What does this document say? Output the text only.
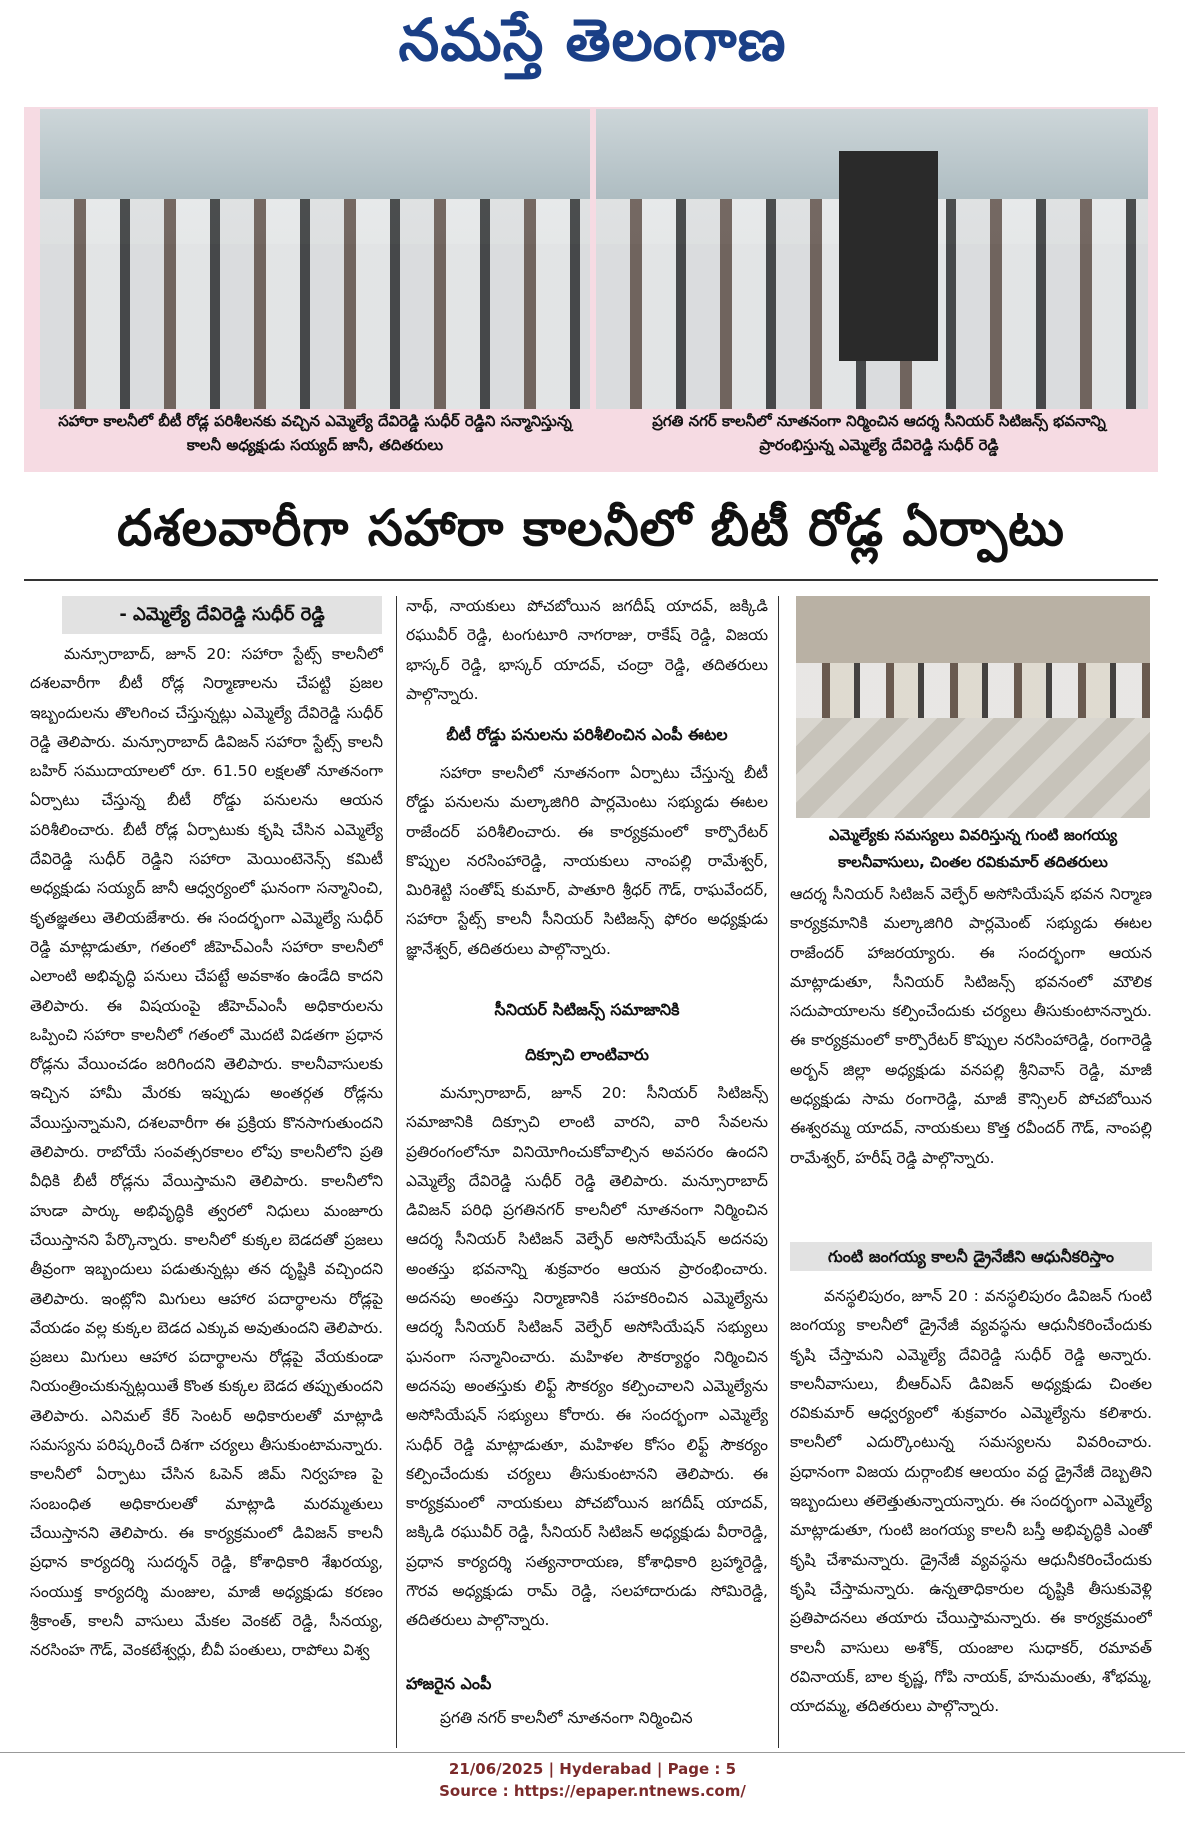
నమస్తే తెలంగాణ
సహారా కాలనీలో బీటీ రోడ్ల పరిశీలనకు వచ్చిన ఎమ్మెల్యే దేవిరెడ్డి సుధీర్ రెడ్డిని సన్మానిస్తున్న కాలనీ అధ్యక్షుడు సయ్యద్ జానీ, తదితరులు
ప్రగతి నగర్ కాలనీలో నూతనంగా నిర్మించిన ఆదర్శ సీనియర్ సిటిజన్స్ భవనాన్ని ప్రారంభిస్తున్న ఎమ్మెల్యే దేవిరెడ్డి సుధీర్ రెడ్డి
దశలవారీగా సహారా కాలనీలో బీటీ రోడ్ల ఏర్పాటు
- ఎమ్మెల్యే దేవిరెడ్డి సుధీర్ రెడ్డి

మన్సూరాబాద్, జూన్ 20: సహారా స్టేట్స్ కాలనీలో దశలవారీగా బీటీ రోడ్ల నిర్మాణాలను చేపట్టి ప్రజల ఇబ్బందులను తొలగించ చేస్తున్నట్లు ఎమ్మెల్యే దేవిరెడ్డి సుధీర్ రెడ్డి తెలిపారు. మన్సూరాబాద్ డివిజన్ సహారా స్టేట్స్ కాలనీ బహిర్ సముదాయాలలో రూ. 61.50 లక్షలతో నూతనంగా ఏర్పాటు చేస్తున్న బీటీ రోడ్డు పనులను ఆయన పరిశీలించారు. బీటీ రోడ్ల ఏర్పాటుకు కృషి చేసిన ఎమ్మెల్యే దేవిరెడ్డి సుధీర్ రెడ్డిని సహారా మెయింటెనెన్స్ కమిటీ అధ్యక్షుడు సయ్యద్ జానీ ఆధ్వర్యంలో ఘనంగా సన్మానించి, కృతజ్ఞతలు తెలియజేశారు. ఈ సందర్భంగా ఎమ్మెల్యే సుధీర్ రెడ్డి మాట్లాడుతూ, గతంలో జీహెచ్ఎంసీ సహారా కాలనీలో ఎలాంటి అభివృద్ధి పనులు చేపట్టే అవకాశం ఉండేది కాదని తెలిపారు. ఈ విషయంపై జీహెచ్ఎంసీ అధికారులను ఒప్పించి సహారా కాలనీలో గతంలో మొదటి విడతగా ప్రధాన రోడ్లను వేయించడం జరిగిందని తెలిపారు. కాలనీవాసులకు ఇచ్చిన హామీ మేరకు ఇప్పుడు అంతర్గత రోడ్లను వేయిస్తున్నామని, దశలవారీగా ఈ ప్రక్రియ కొనసాగుతుందని తెలిపారు. రాబోయే సంవత్సరకాలం లోపు కాలనీలోని ప్రతి వీధికి బీటీ రోడ్లను వేయిస్తామని తెలిపారు. కాలనీలోని హుడా పార్కు అభివృద్ధికి త్వరలో నిధులు మంజూరు చేయిస్తానని పేర్కొన్నారు. కాలనీలో కుక్కల బెడదతో ప్రజలు తీవ్రంగా ఇబ్బందులు పడుతున్నట్లు తన దృష్టికి వచ్చిందని తెలిపారు. ఇంట్లోని మిగులు ఆహార పదార్థాలను రోడ్లపై వేయడం వల్ల కుక్కల బెడద ఎక్కువ అవుతుందని తెలిపారు. ప్రజలు మిగులు ఆహార పదార్థాలను రోడ్లపై వేయకుండా నియంత్రించుకున్నట్లయితే కొంత కుక్కల బెడద తప్పుతుందని తెలిపారు. ఎనిమల్ కేర్ సెంటర్ అధికారులతో మాట్లాడి సమస్యను పరిష్కరించే దిశగా చర్యలు తీసుకుంటామన్నారు. కాలనీలో ఏర్పాటు చేసిన ఓపెన్ జిమ్ నిర్వహణ పై సంబంధిత అధికారులతో మాట్లాడి మరమ్మతులు చేయిస్తానని తెలిపారు. ఈ కార్యక్రమంలో డివిజన్ కాలనీ ప్రధాన కార్యదర్శి సుదర్శన్ రెడ్డి, కోశాధికారి శేఖరయ్య, సంయుక్త కార్యదర్శి మంజుల, మాజీ అధ్యక్షుడు కరణం శ్రీకాంత్, కాలనీ వాసులు మేకల వెంకట్ రెడ్డి, సీనయ్య, నరసింహ గౌడ్, వెంకటేశ్వర్లు, బీవీ పంతులు, రాపోలు విశ్వ

నాథ్, నాయకులు పోచబోయిన జగదీష్ యాదవ్, జక్కిడి రఘువీర్ రెడ్డి, టంగుటూరి నాగరాజు, రాకేష్ రెడ్డి, విజయ భాస్కర్ రెడ్డి, భాస్కర్ యాదవ్, చంద్రా రెడ్డి, తదితరులు పాల్గొన్నారు.

బీటీ రోడ్డు పనులను పరిశీలించిన ఎంపీ ఈటల

సహారా కాలనీలో నూతనంగా ఏర్పాటు చేస్తున్న బీటీ రోడ్డు పనులను మల్కాజిగిరి పార్లమెంటు సభ్యుడు ఈటల రాజేందర్ పరిశీలించారు. ఈ కార్యక్రమంలో కార్పొరేటర్ కొప్పుల నరసింహారెడ్డి, నాయకులు నాంపల్లి రామేశ్వర్, మిరిశెట్టి సంతోష్ కుమార్, పాతూరి శ్రీధర్ గౌడ్, రాఘవేందర్, సహారా స్టేట్స్ కాలనీ సీనియర్ సిటిజన్స్ ఫోరం అధ్యక్షుడు జ్ఞానేశ్వర్, తదితరులు పాల్గొన్నారు.

సీనియర్ సిటిజన్స్ సమాజానికి
దిక్సూచి లాంటివారు

మన్సూరాబాద్, జూన్ 20: సీనియర్ సిటిజన్స్ సమాజానికి దిక్సూచి లాంటి వారని, వారి సేవలను ప్రతిరంగంలోనూ వినియోగించుకోవాల్సిన అవసరం ఉందని ఎమ్మెల్యే దేవిరెడ్డి సుధీర్ రెడ్డి తెలిపారు. మన్సూరాబాద్ డివిజన్ పరిధి ప్రగతినగర్ కాలనీలో నూతనంగా నిర్మించిన ఆదర్శ సీనియర్ సిటిజన్ వెల్ఫేర్ అసోసియేషన్ అదనపు అంతస్తు భవనాన్ని శుక్రవారం ఆయన ప్రారంభించారు. అదనపు అంతస్తు నిర్మాణానికి సహకరించిన ఎమ్మెల్యేను ఆదర్శ సీనియర్ సిటిజన్ వెల్ఫేర్ అసోసియేషన్ సభ్యులు ఘనంగా సన్మానించారు. మహిళల సౌకర్యార్థం నిర్మించిన అదనపు అంతస్తుకు లిఫ్ట్ సౌకర్యం కల్పించాలని ఎమ్మెల్యేను అసోసియేషన్ సభ్యులు కోరారు. ఈ సందర్భంగా ఎమ్మెల్యే సుధీర్ రెడ్డి మాట్లాడుతూ, మహిళల కోసం లిఫ్ట్ సౌకర్యం కల్పించేందుకు చర్యలు తీసుకుంటానని తెలిపారు. ఈ కార్యక్రమంలో నాయకులు పోచబోయిన జగదీష్ యాదవ్, జక్కిడి రఘువీర్ రెడ్డి, సీనియర్ సిటిజన్ అధ్యక్షుడు వీరారెడ్డి, ప్రధాన కార్యదర్శి సత్యనారాయణ, కోశాధికారి బ్రహ్మారెడ్డి, గౌరవ అధ్యక్షుడు రామ్ రెడ్డి, సలహాదారుడు సోమిరెడ్డి, తదితరులు పాల్గొన్నారు.

హాజరైన ఎంపీ

ప్రగతి నగర్ కాలనీలో నూతనంగా నిర్మించిన

ఎమ్మెల్యేకు సమస్యలు వివరిస్తున్న గుంటి జంగయ్య కాలనీవాసులు, చింతల రవికుమార్ తదితరులు

ఆదర్శ సీనియర్ సిటిజన్ వెల్ఫేర్ అసోసియేషన్ భవన నిర్మాణ కార్యక్రమానికి మల్కాజిగిరి పార్లమెంట్ సభ్యుడు ఈటల రాజేందర్ హాజరయ్యారు. ఈ సందర్భంగా ఆయన మాట్లాడుతూ, సీనియర్ సిటిజన్స్ భవనంలో మౌలిక సదుపాయాలను కల్పించేందుకు చర్యలు తీసుకుంటానన్నారు. ఈ కార్యక్రమంలో కార్పొరేటర్ కొప్పుల నరసింహారెడ్డి, రంగారెడ్డి అర్బన్ జిల్లా అధ్యక్షుడు వనపల్లి శ్రీనివాస్ రెడ్డి, మాజీ అధ్యక్షుడు సామ రంగారెడ్డి, మాజీ కౌన్సిలర్ పోచబోయిన ఈశ్వరమ్మ యాదవ్, నాయకులు కొత్త రవీందర్ గౌడ్, నాంపల్లి రామేశ్వర్, హరీష్ రెడ్డి పాల్గొన్నారు.

గుంటి జంగయ్య కాలనీ డ్రైనేజీని ఆధునీకరిస్తాం

వనస్థలిపురం, జూన్ 20 : వనస్థలిపురం డివిజన్ గుంటి జంగయ్య కాలనీలో డ్రైనేజీ వ్యవస్థను ఆధునీకరించేందుకు కృషి చేస్తామని ఎమ్మెల్యే దేవిరెడ్డి సుధీర్ రెడ్డి అన్నారు. కాలనీవాసులు, బీఆర్ఎస్ డివిజన్ అధ్యక్షుడు చింతల రవికుమార్ ఆధ్వర్యంలో శుక్రవారం ఎమ్మెల్యేను కలిశారు. కాలనీలో ఎదుర్కొంటున్న సమస్యలను వివరించారు. ప్రధానంగా విజయ దుర్గాంబిక ఆలయం వద్ద డ్రైనేజీ దెబ్బతిని ఇబ్బందులు తలెత్తుతున్నాయన్నారు. ఈ సందర్భంగా ఎమ్మెల్యే మాట్లాడుతూ, గుంటి జంగయ్య కాలనీ బస్తీ అభివృద్ధికి ఎంతో కృషి చేశామన్నారు. డ్రైనేజీ వ్యవస్థను ఆధునీకరించేందుకు కృషి చేస్తామన్నారు. ఉన్నతాధికారుల దృష్టికి తీసుకువెళ్లి ప్రతిపాదనలు తయారు చేయిస్తామన్నారు. ఈ కార్యక్రమంలో కాలనీ వాసులు అశోక్, యంజాల సుధాకర్, రమావత్ రవినాయక్, బాల కృష్ణ, గోపి నాయక్, హనుమంతు, శోభమ్మ, యాదమ్మ, తదితరులు పాల్గొన్నారు.

21/06/2025 | Hyderabad | Page : 5
Source : https://epaper.ntnews.com/
